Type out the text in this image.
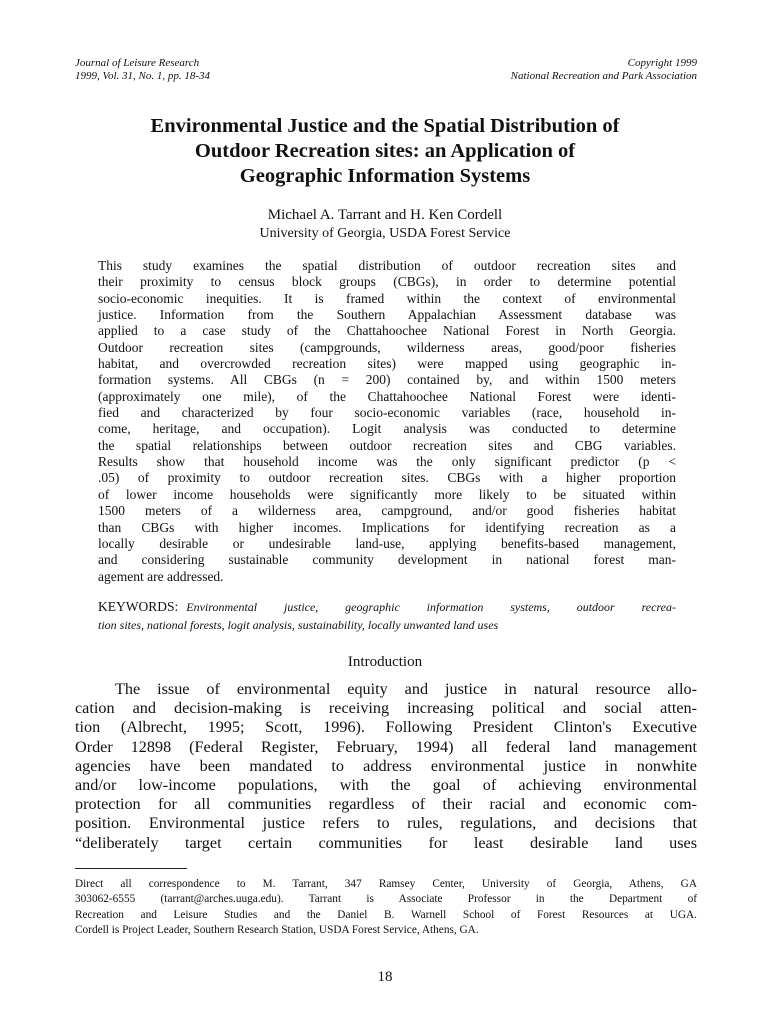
Journal of Leisure Research
1999, Vol. 31, No. 1, pp. 18-34
Copyright 1999
National Recreation and Park Association
Environmental Justice and the Spatial Distribution of
Outdoor Recreation sites: an Application of
Geographic Information Systems
Michael A. Tarrant and H. Ken Cordell
University of Georgia, USDA Forest Service
This study examines the spatial distribution of outdoor recreation sites and
their proximity to census block groups (CBGs), in order to determine potential
socio-economic inequities. It is framed within the context of environmental
justice. Information from the Southern Appalachian Assessment database was
applied to a case study of the Chattahoochee National Forest in North Georgia.
Outdoor recreation sites (campgrounds, wilderness areas, good/poor fisheries
habitat, and overcrowded recreation sites) were mapped using geographic in-
formation systems. All CBGs (n = 200) contained by, and within 1500 meters
(approximately one mile), of the Chattahoochee National Forest were identi-
fied and characterized by four socio-economic variables (race, household in-
come, heritage, and occupation). Logit analysis was conducted to determine
the spatial relationships between outdoor recreation sites and CBG variables.
Results show that household income was the only significant predictor (p <
.05) of proximity to outdoor recreation sites. CBGs with a higher proportion
of lower income households were significantly more likely to be situated within
1500 meters of a wilderness area, campground, and/or good fisheries habitat
than CBGs with higher incomes. Implications for identifying recreation as a
locally desirable or undesirable land-use, applying benefits-based management,
and considering sustainable community development in national forest man-
agement are addressed.
KEYWORDS: Environmental justice, geographic information systems, outdoor recrea-
tion sites, national forests, logit analysis, sustainability, locally unwanted land uses
Introduction
The issue of environmental equity and justice in natural resource allo-
cation and decision-making is receiving increasing political and social atten-
tion (Albrecht, 1995; Scott, 1996). Following President Clinton's Executive
Order 12898 (Federal Register, February, 1994) all federal land management
agencies have been mandated to address environmental justice in nonwhite
and/or low-income populations, with the goal of achieving environmental
protection for all communities regardless of their racial and economic com-
position. Environmental justice refers to rules, regulations, and decisions that
“deliberately target certain communities for least desirable land uses
Direct all correspondence to M. Tarrant, 347 Ramsey Center, University of Georgia, Athens, GA
303062-6555 (tarrant@arches.uuga.edu). Tarrant is Associate Professor in the Department of
Recreation and Leisure Studies and the Daniel B. Warnell School of Forest Resources at UGA.
Cordell is Project Leader, Southern Research Station, USDA Forest Service, Athens, GA.
18
